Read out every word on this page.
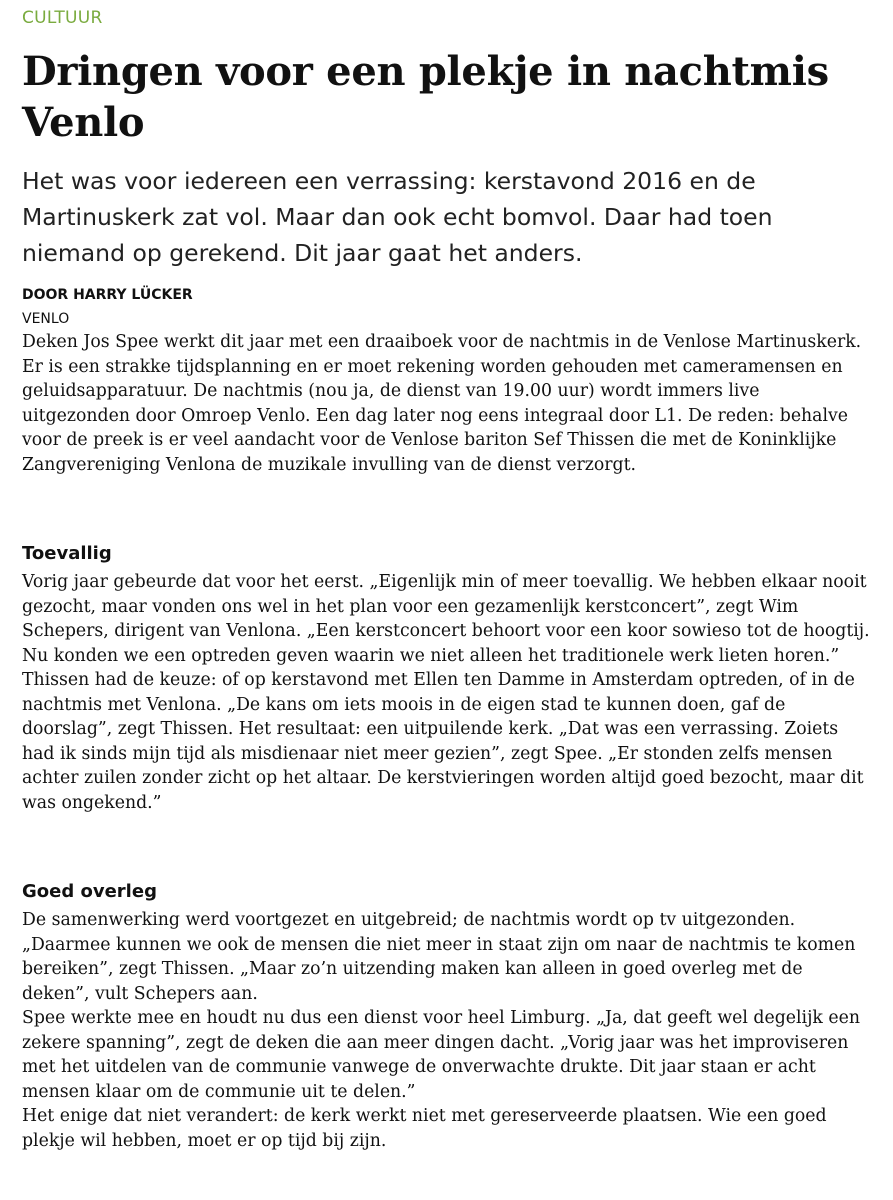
CULTUUR
Dringen voor een plekje in nachtmis Venlo

Het was voor iedereen een verrassing: kerstavond 2016 en de Martinuskerk zat vol. Maar dan ook echt bomvol. Daar had toen niemand op gerekend. Dit jaar gaat het anders.

DOOR HARRY LÜCKER
VENLO

Deken Jos Spee werkt dit jaar met een draaiboek voor de nachtmis in de Venlose Martinuskerk. Er is een strakke tijdsplanning en er moet rekening worden gehouden met cameramensen en geluidsapparatuur. De nachtmis (nou ja, de dienst van 19.00 uur) wordt immers live uitgezonden door Omroep Venlo. Een dag later nog eens integraal door L1. De reden: behalve voor de preek is er veel aandacht voor de Venlose bariton Sef Thissen die met de Koninklijke Zangvereniging Venlona de muzikale invulling van de dienst verzorgt.

Toevallig

Vorig jaar gebeurde dat voor het eerst. „Eigenlijk min of meer toevallig. We hebben elkaar nooit gezocht, maar vonden ons wel in het plan voor een gezamenlijk kerstconcert”, zegt Wim Schepers, dirigent van Venlona. „Een kerstconcert behoort voor een koor sowieso tot de hoogtij. Nu konden we een optreden geven waarin we niet alleen het traditionele werk lieten horen.”

Thissen had de keuze: of op kerstavond met Ellen ten Damme in Amsterdam optreden, of in de nachtmis met Venlona. „De kans om iets moois in de eigen stad te kunnen doen, gaf de doorslag”, zegt Thissen. Het resultaat: een uitpuilende kerk. „Dat was een verrassing. Zoiets had ik sinds mijn tijd als misdienaar niet meer gezien”, zegt Spee. „Er stonden zelfs mensen achter zuilen zonder zicht op het altaar. De kerstvieringen worden altijd goed bezocht, maar dit was ongekend.”

Goed overleg

De samenwerking werd voortgezet en uitgebreid; de nachtmis wordt op tv uitgezonden. „Daarmee kunnen we ook de mensen die niet meer in staat zijn om naar de nachtmis te komen bereiken”, zegt Thissen. „Maar zo’n uitzending maken kan alleen in goed overleg met de deken”, vult Schepers aan.

Spee werkte mee en houdt nu dus een dienst voor heel Limburg. „Ja, dat geeft wel degelijk een zekere spanning”, zegt de deken die aan meer dingen dacht. „Vorig jaar was het improviseren met het uitdelen van de communie vanwege de onverwachte drukte. Dit jaar staan er acht mensen klaar om de communie uit te delen.”

Het enige dat niet verandert: de kerk werkt niet met gereserveerde plaatsen. Wie een goed plekje wil hebben, moet er op tijd bij zijn.
